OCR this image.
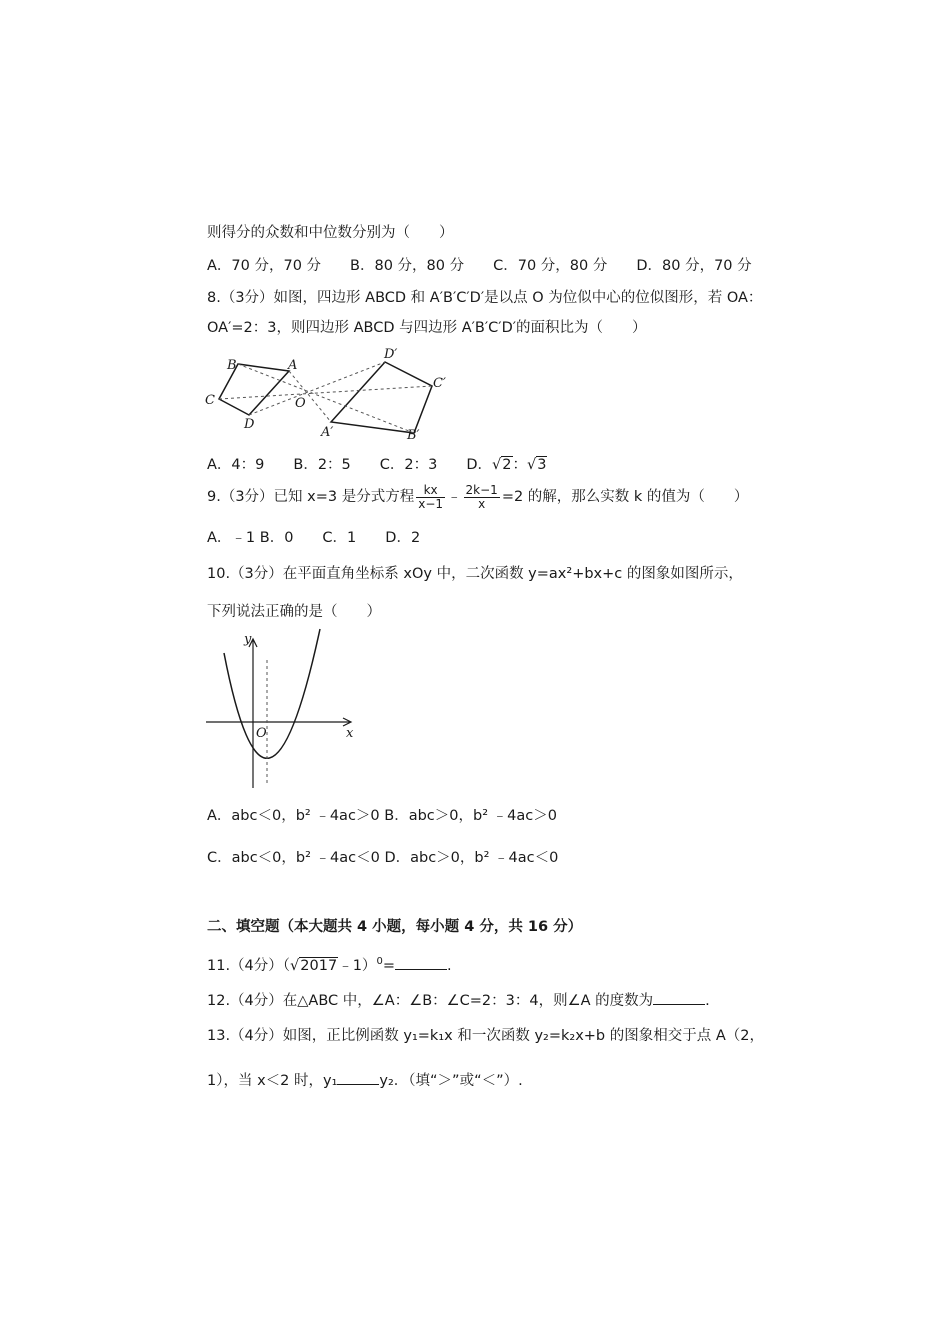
则得分的众数和中位数分别为（　　）
A．70 分，70 分　　B．80 分，80 分　　C．70 分，80 分　　D．80 分，70 分
8.（3分）如图，四边形 ABCD 和 A′B′C′D′是以点 O 为位似中心的位似图形，若 OA：
OA′=2：3，则四边形 ABCD 与四边形 A′B′C′D′的面积比为（　　）
B	A
C
D
O
D′
C′
A′	B′
A．4：9　　B．2：5　　C．2：3　　D．√2：√3
9.（3分）已知 x=3 是分式方程 $\frac{kx}{x-1}$ ﹣ $\frac{2k-1}{x} =2$ 的解，那么实数 k 的值为（　　）
A．﹣1 B．0　　C．1　　D．2
10.（3分）在平面直角坐标系 xOy 中，二次函数 y=ax²+bx+c 的图象如图所示，
下列说法正确的是（　　）
y
x
O
A．abc＜0，b² ﹣4ac＞0 B．abc＞0，b² ﹣4ac＞0
C．abc＜0，b² ﹣4ac＜0 D．abc＞0，b² ﹣4ac＜0
二、填空题（本大题共 4 小题，每小题 4 分，共 16 分）
11.（4分）（√2017﹣1）$^0$=	.
12.（4分）在△ABC 中，∠A：∠B：∠C=2：3：4，则∠A 的度数为	.
13.（4分）如图，正比例函数 y₁=k₁x 和一次函数 y₂=k₂x+b 的图象相交于点 A（2，
1），当 x＜2 时，y₁	y₂．（填“＞”或“＜”）.
